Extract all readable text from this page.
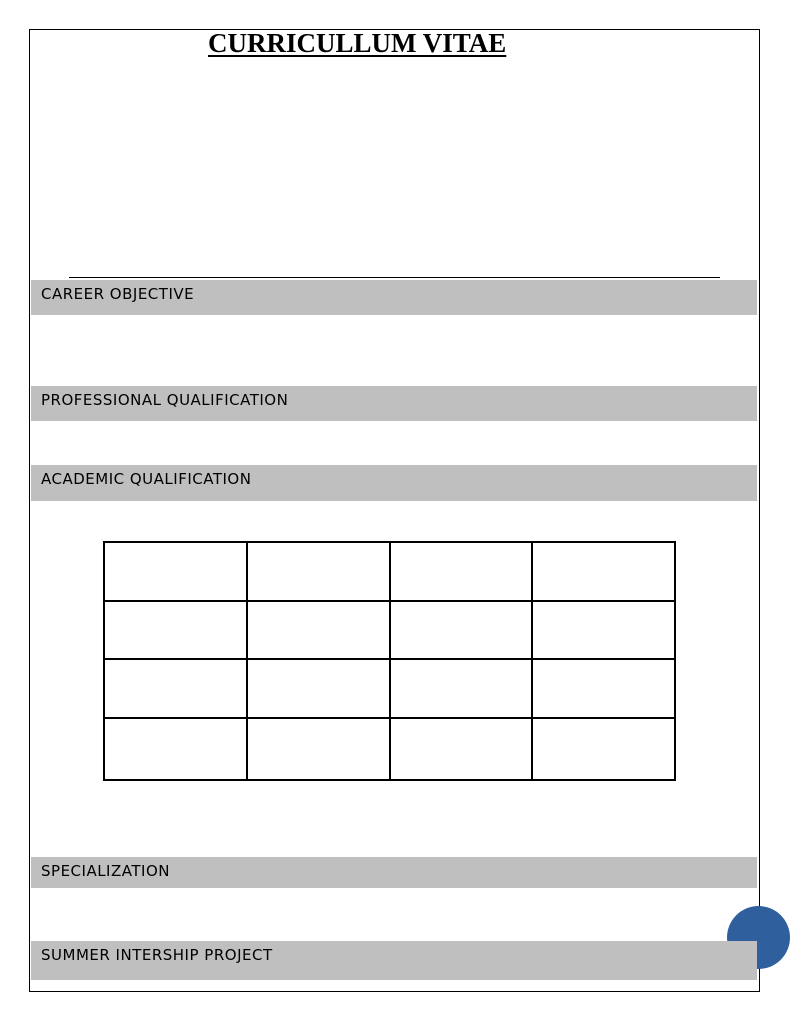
CURRICULLUM VITAE
CAREER OBJECTIVE
PROFESSIONAL QUALIFICATION
ACADEMIC QUALIFICATION

SPECIALIZATION
SUMMER INTERSHIP PROJECT
